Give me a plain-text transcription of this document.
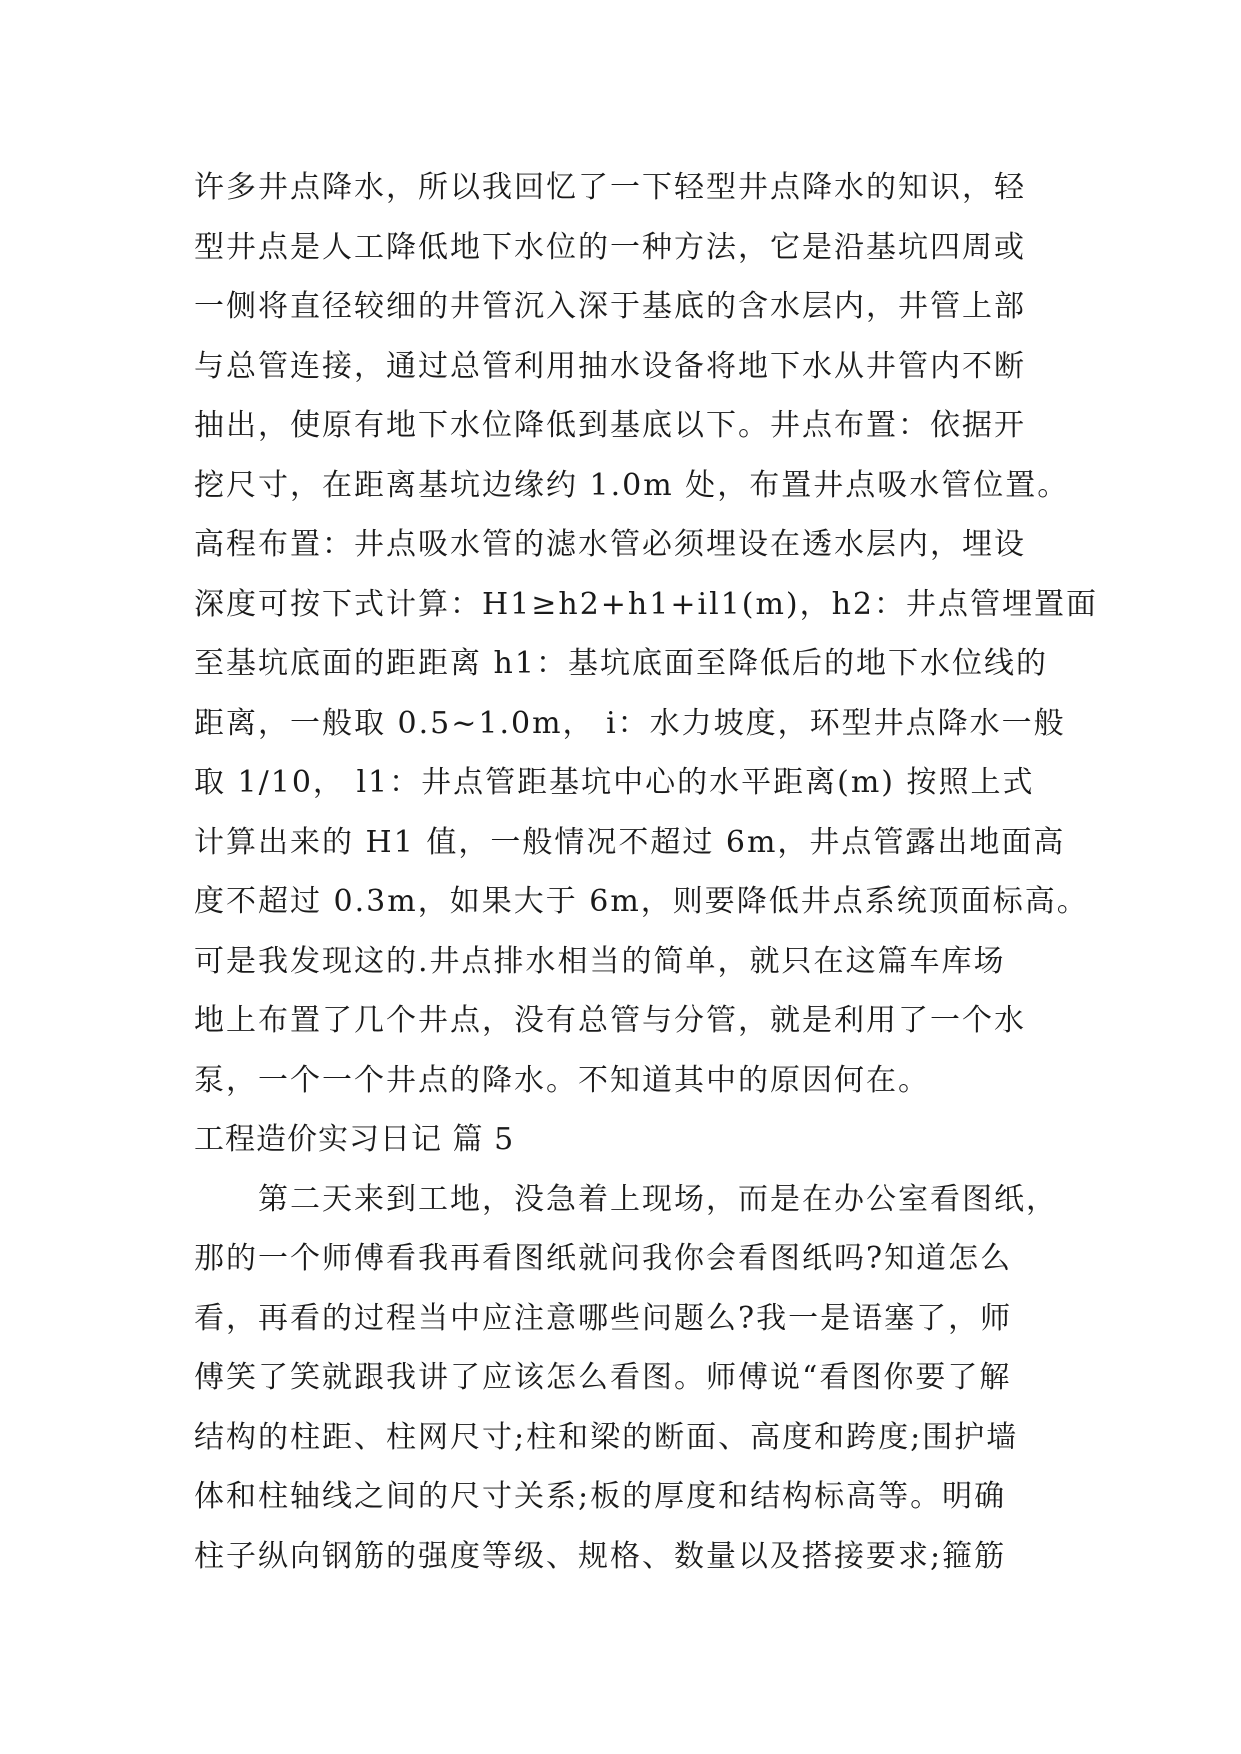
许多井点降水，所以我回忆了一下轻型井点降水的知识，轻
型井点是人工降低地下水位的一种方法，它是沿基坑四周或
一侧将直径较细的井管沉入深于基底的含水层内，井管上部
与总管连接，通过总管利用抽水设备将地下水从井管内不断
抽出，使原有地下水位降低到基底以下。井点布置：依据开
挖尺寸，在距离基坑边缘约 1.0m 处，布置井点吸水管位置。
高程布置：井点吸水管的滤水管必须埋设在透水层内，埋设
深度可按下式计算：H1≥h2+h1+il1(m)，h2：井点管埋置面
至基坑底面的距距离 h1：基坑底面至降低后的地下水位线的
距离，一般取 0.5~1.0m， i：水力坡度，环型井点降水一般
取 1/10， l1：井点管距基坑中心的水平距离(m) 按照上式
计算出来的 H1 值，一般情况不超过 6m，井点管露出地面高
度不超过 0.3m，如果大于 6m，则要降低井点系统顶面标高。
可是我发现这的.井点排水相当的简单，就只在这篇车库场
地上布置了几个井点，没有总管与分管，就是利用了一个水
泵，一个一个井点的降水。不知道其中的原因何在。
工程造价实习日记 篇 5
第二天来到工地，没急着上现场，而是在办公室看图纸，
那的一个师傅看我再看图纸就问我你会看图纸吗?知道怎么
看，再看的过程当中应注意哪些问题么?我一是语塞了，师
傅笑了笑就跟我讲了应该怎么看图。师傅说“看图你要了解
结构的柱距、柱网尺寸;柱和梁的断面、高度和跨度;围护墙
体和柱轴线之间的尺寸关系;板的厚度和结构标高等。明确
柱子纵向钢筋的强度等级、规格、数量以及搭接要求;箍筋
